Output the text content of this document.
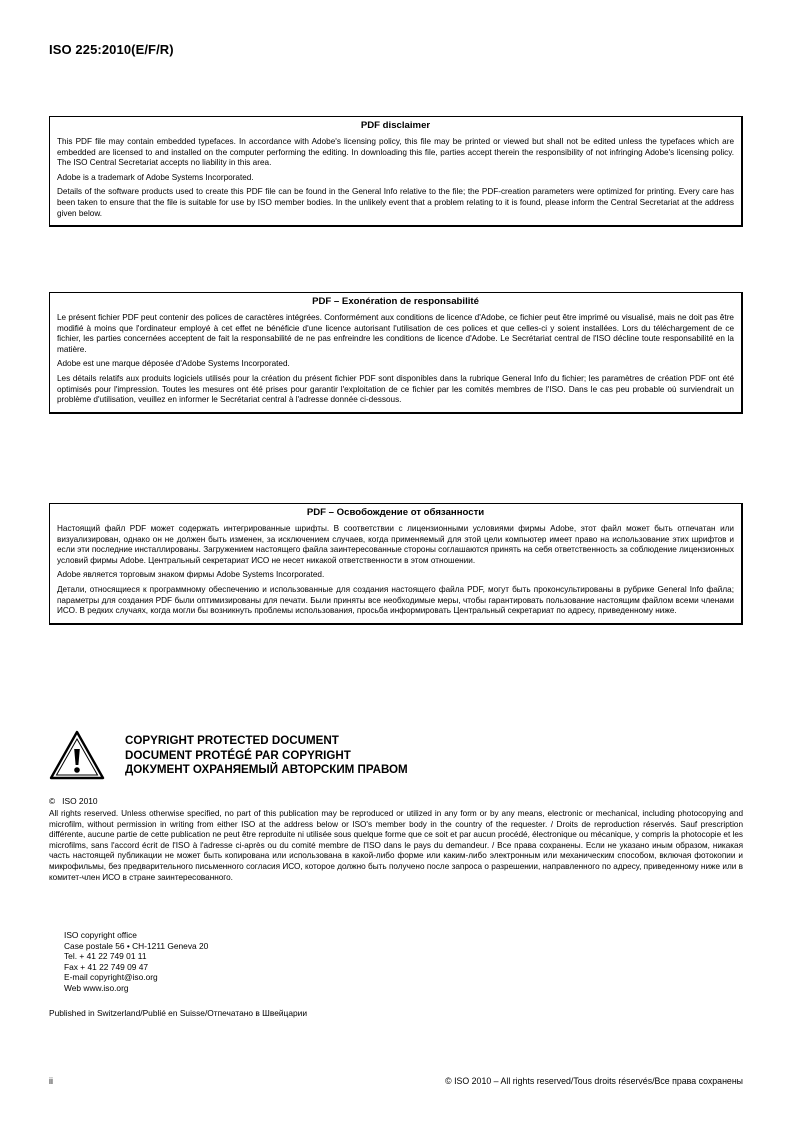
ISO 225:2010(E/F/R)
PDF disclaimer

This PDF file may contain embedded typefaces. In accordance with Adobe's licensing policy, this file may be printed or viewed but shall not be edited unless the typefaces which are embedded are licensed to and installed on the computer performing the editing. In downloading this file, parties accept therein the responsibility of not infringing Adobe's licensing policy. The ISO Central Secretariat accepts no liability in this area.

Adobe is a trademark of Adobe Systems Incorporated.

Details of the software products used to create this PDF file can be found in the General Info relative to the file; the PDF-creation parameters were optimized for printing. Every care has been taken to ensure that the file is suitable for use by ISO member bodies. In the unlikely event that a problem relating to it is found, please inform the Central Secretariat at the address given below.

PDF – Exonération de responsabilité

Le présent fichier PDF peut contenir des polices de caractères intégrées. Conformément aux conditions de licence d'Adobe, ce fichier peut être imprimé ou visualisé, mais ne doit pas être modifié à moins que l'ordinateur employé à cet effet ne bénéficie d'une licence autorisant l'utilisation de ces polices et que celles-ci y soient installées. Lors du téléchargement de ce fichier, les parties concernées acceptent de fait la responsabilité de ne pas enfreindre les conditions de licence d'Adobe. Le Secrétariat central de l'ISO décline toute responsabilité en la matière.

Adobe est une marque déposée d'Adobe Systems Incorporated.

Les détails relatifs aux produits logiciels utilisés pour la création du présent fichier PDF sont disponibles dans la rubrique General Info du fichier; les paramètres de création PDF ont été optimisés pour l'impression. Toutes les mesures ont été prises pour garantir l'exploitation de ce fichier par les comités membres de l'ISO. Dans le cas peu probable où surviendrait un problème d'utilisation, veuillez en informer le Secrétariat central à l'adresse donnée ci-dessous.

PDF – Освобождение от обязанности

Настоящий файл PDF может содержать интегрированные шрифты. В соответствии с лицензионными условиями фирмы Adobe, этот файл может быть отпечатан или визуализирован, однако он не должен быть изменен, за исключением случаев, когда применяемый для этой цели компьютер имеет право на использование этих шрифтов и если эти последние инсталлированы. Загружением настоящего файла заинтересованные стороны соглашаются принять на себя ответственность за соблюдение лицензионных условий фирмы Adobe. Центральный секретариат ИСО не несет никакой ответственности в этом отношении.

Adobe является торговым знаком фирмы Adobe Systems Incorporated.

Детали, относящиеся к программному обеспечению и использованные для создания настоящего файла PDF, могут быть проконсультированы в рубрике General Info файла; параметры для создания PDF были оптимизированы для печати. Были приняты все необходимые меры, чтобы гарантировать пользование настоящим файлом всеми членами ИСО. В редких случаях, когда могли бы возникнуть проблемы использования, просьба информировать Центральный секретариат по адресу, приведенному ниже.

COPYRIGHT PROTECTED DOCUMENT
DOCUMENT PROTÉGÉ PAR COPYRIGHT
ДОКУМЕНТ ОХРАНЯЕМЫЙ АВТОРСКИМ ПРАВОМ
©   ISO 2010

All rights reserved. Unless otherwise specified, no part of this publication may be reproduced or utilized in any form or by any means, electronic or mechanical, including photocopying and microfilm, without permission in writing from either ISO at the address below or ISO's member body in the country of the requester. / Droits de reproduction réservés. Sauf prescription différente, aucune partie de cette publication ne peut être reproduite ni utilisée sous quelque forme que ce soit et par aucun procédé, électronique ou mécanique, y compris la photocopie et les microfilms, sans l'accord écrit de l'ISO à l'adresse ci-après ou du comité membre de l'ISO dans le pays du demandeur. / Все права сохранены. Если не указано иным образом, никакая часть настоящей публикации не может быть копирована или использована в какой-либо форме или каким-либо электронным или механическим способом, включая фотокопии и микрофильмы, без предварительного письменного согласия ИСО, которое должно быть получено после запроса о разрешении, направленного по адресу, приведенному ниже или в комитет-член ИСО в стране заинтересованного.

ISO copyright office
Case postale 56 • CH-1211 Geneva 20
Tel. + 41 22 749 01 11
Fax + 41 22 749 09 47
E-mail copyright@iso.org
Web www.iso.org
Published in Switzerland/Publié en Suisse/Отпечатано в Швейцарии
ii	© ISO 2010 – All rights reserved/Tous droits réservés/Все права сохранены
